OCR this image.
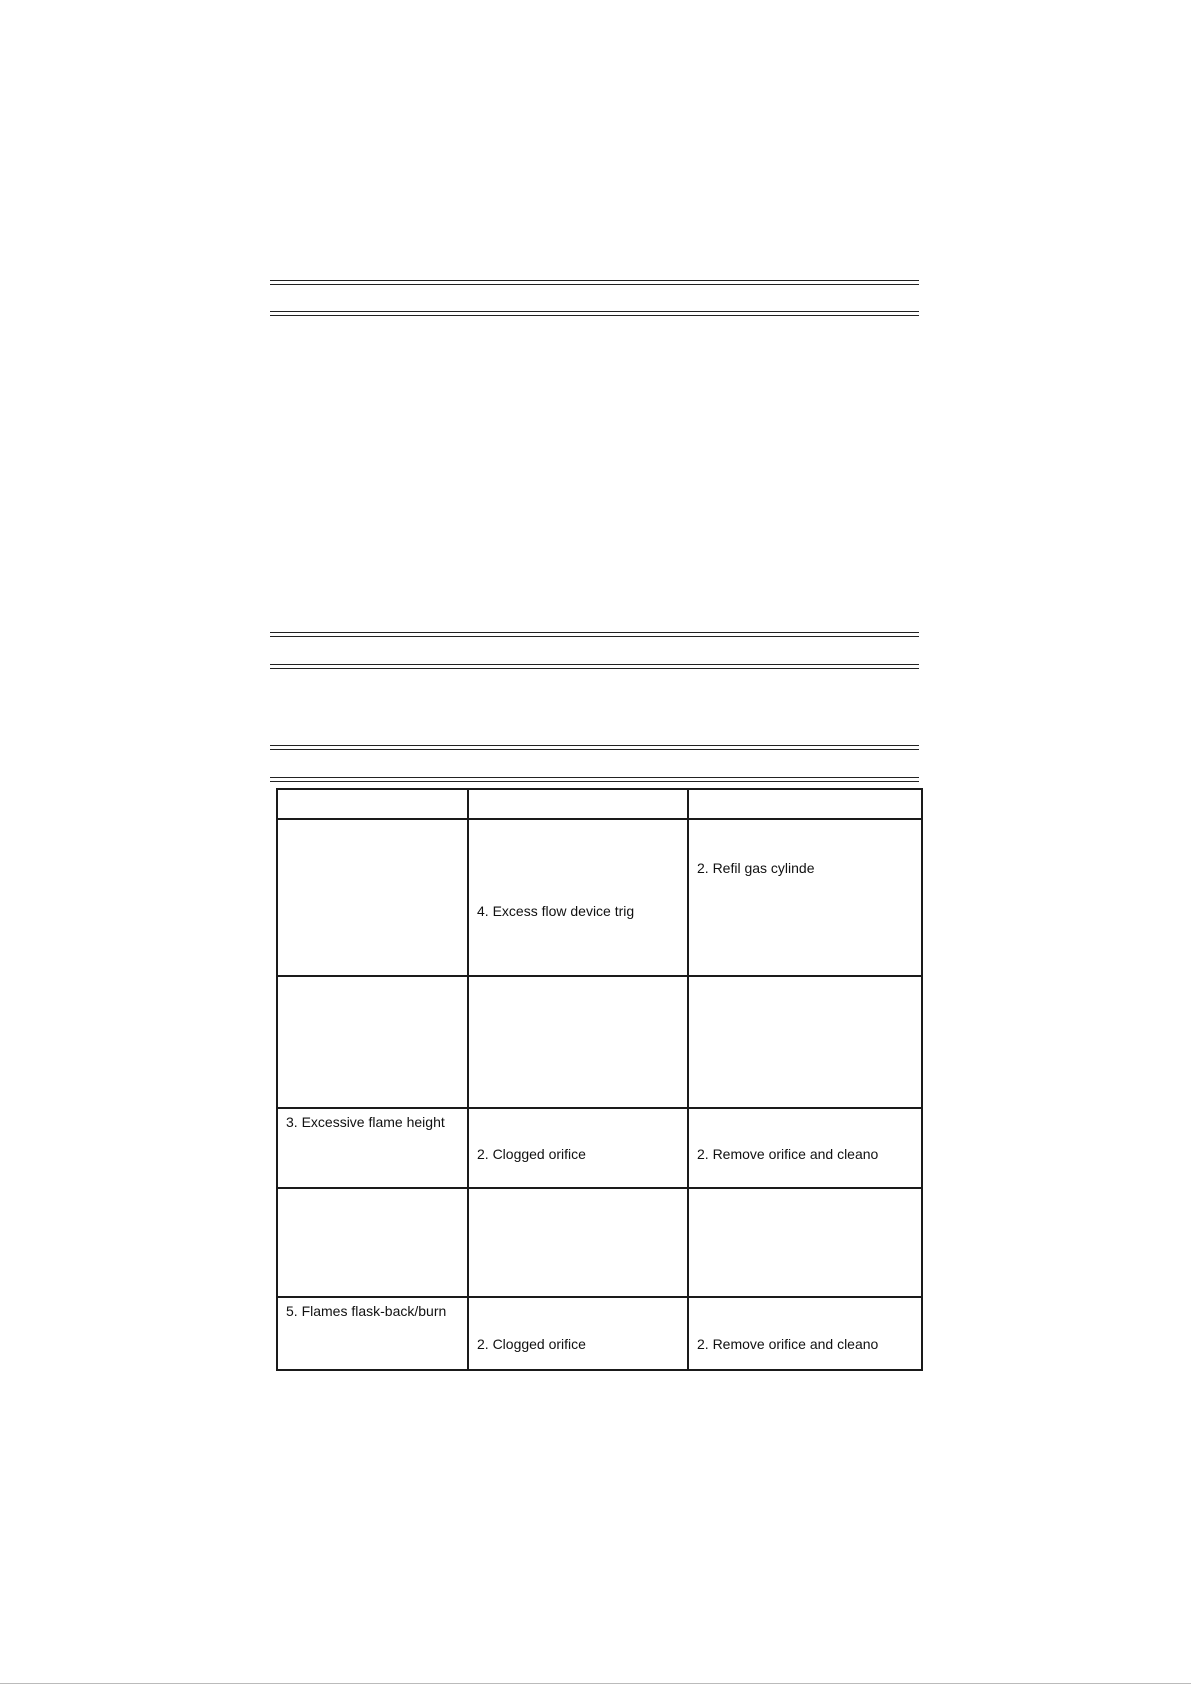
	4. Excess flow device trig	2. Refil gas cylinde

3. Excessive flame height	2. Clogged orifice	2. Remove orifice and cleano

5. Flames flask-back/burn	2. Clogged orifice	2. Remove orifice and cleano
